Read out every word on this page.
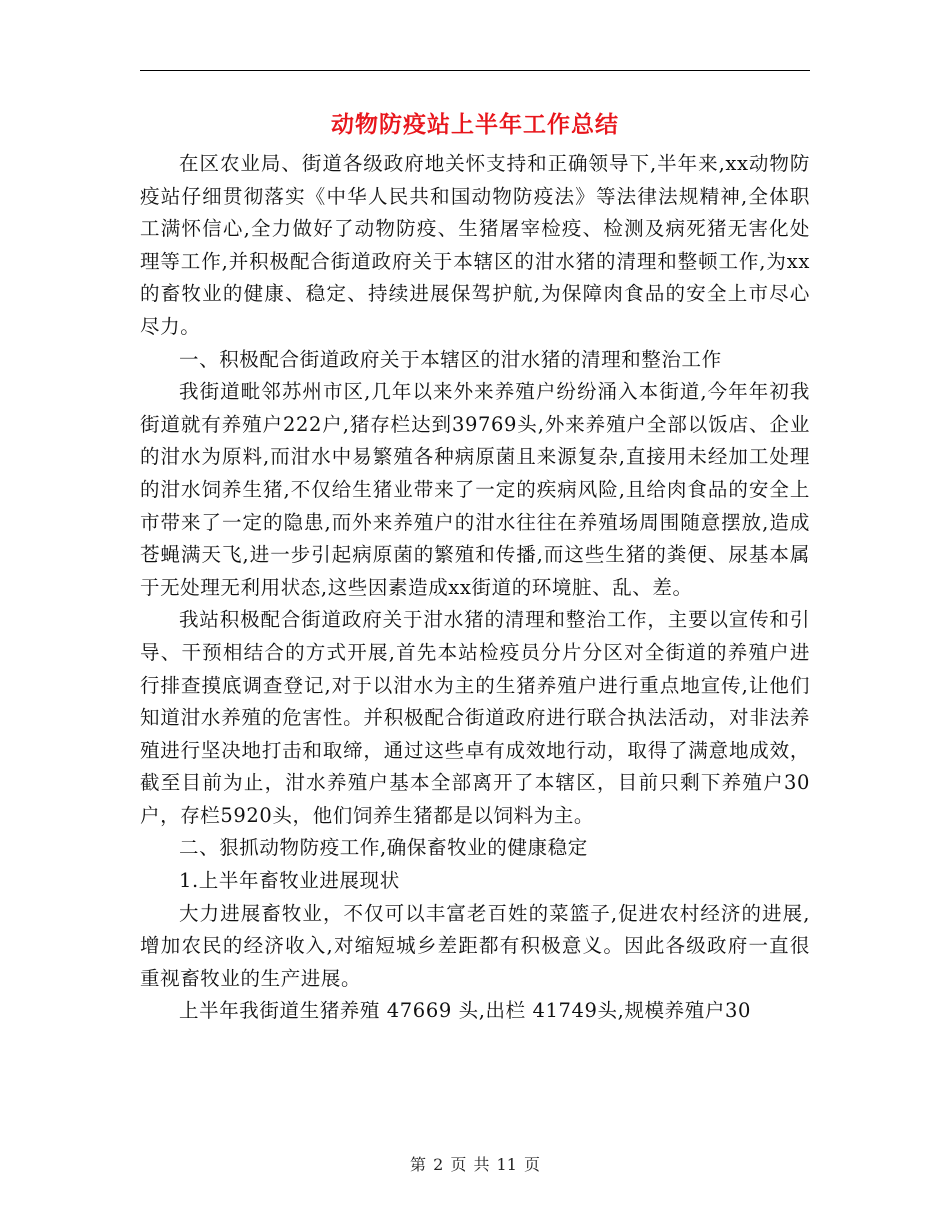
动物防疫站上半年工作总结

在区农业局、街道各级政府地关怀支持和正确领导下,半年来,xx动物防疫站仔细贯彻落实《中华人民共和国动物防疫法》等法律法规精神,全体职工满怀信心,全力做好了动物防疫、生猪屠宰检疫、检测及病死猪无害化处理等工作,并积极配合街道政府关于本辖区的泔水猪的清理和整顿工作,为xx的畜牧业的健康、稳定、持续进展保驾护航,为保障肉食品的安全上市尽心尽力。

一、积极配合街道政府关于本辖区的泔水猪的清理和整治工作

我街道毗邻苏州市区,几年以来外来养殖户纷纷涌入本街道,今年年初我街道就有养殖户222户,猪存栏达到39769头,外来养殖户全部以饭店、企业的泔水为原料,而泔水中易繁殖各种病原菌且来源复杂,直接用未经加工处理的泔水饲养生猪,不仅给生猪业带来了一定的疾病风险,且给肉食品的安全上市带来了一定的隐患,而外来养殖户的泔水往往在养殖场周围随意摆放,造成苍蝇满天飞,进一步引起病原菌的繁殖和传播,而这些生猪的粪便、尿基本属于无处理无利用状态,这些因素造成xx街道的环境脏、乱、差。

我站积极配合街道政府关于泔水猪的清理和整治工作，主要以宣传和引导、干预相结合的方式开展,首先本站检疫员分片分区对全街道的养殖户进行排查摸底调查登记,对于以泔水为主的生猪养殖户进行重点地宣传,让他们知道泔水养殖的危害性。并积极配合街道政府进行联合执法活动，对非法养殖进行坚决地打击和取缔，通过这些卓有成效地行动，取得了满意地成效，截至目前为止，泔水养殖户基本全部离开了本辖区，目前只剩下养殖户30户，存栏5920头，他们饲养生猪都是以饲料为主。

二、狠抓动物防疫工作,确保畜牧业的健康稳定

1.上半年畜牧业进展现状

大力进展畜牧业，不仅可以丰富老百姓的菜篮子,促进农村经济的进展,增加农民的经济收入,对缩短城乡差距都有积极意义。因此各级政府一直很重视畜牧业的生产进展。

上半年我街道生猪养殖 47669 头,出栏 41749头,规模养殖户30

第 2 页 共 11 页
